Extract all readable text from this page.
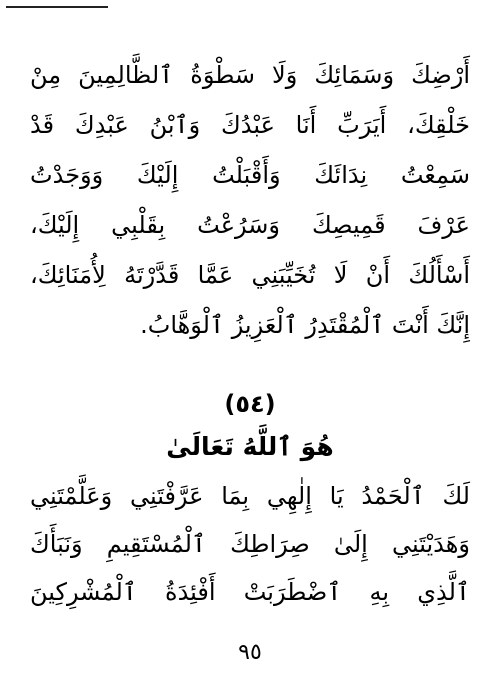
أَرْضِكَ وَسَمَائِكَ وَلَا سَطْوَةُ ٱلظَّالِمِينَ مِنْ
خَلْقِكَ، أَيَرَبِّ أَنَا عَبْدُكَ وَٱبْنُ عَبْدِكَ قَدْ
سَمِعْتُ نِدَائَكَ وَأَقْبَلْتُ إِلَيْكَ وَوَجَدْتُ
عَرْفَ قَمِيصِكَ وَسَرُعْتُ بِقَلْبِي إِلَيْكَ،
أَسْأَلُكَ أَنْ لَا تُخَيِّبَنِي عَمَّا قَدَّرْتَهُ لِأُمَنَائِكَ،
إِنَّكَ أَنْتَ ٱلْمُقْتَدِرُ ٱلْعَزِيزُ ٱلْوَهَّابُ.
(٥٤)
هُوَ ٱللَّهُ تَعَالَىٰ
لَكَ ٱلْحَمْدُ يَا إِلٰهِي بِمَا عَرَّفْتَنِي وَعَلَّمْتَنِي
وَهَدَيْتَنِي إِلَىٰ صِرَاطِكَ ٱلْمُسْتَقِيمِ وَنَبَأَكَ
ٱلَّذِي بِهِ ٱضْطَرَبَتْ أَفْئِدَةُ ٱلْمُشْرِكِينَ
٩٥
